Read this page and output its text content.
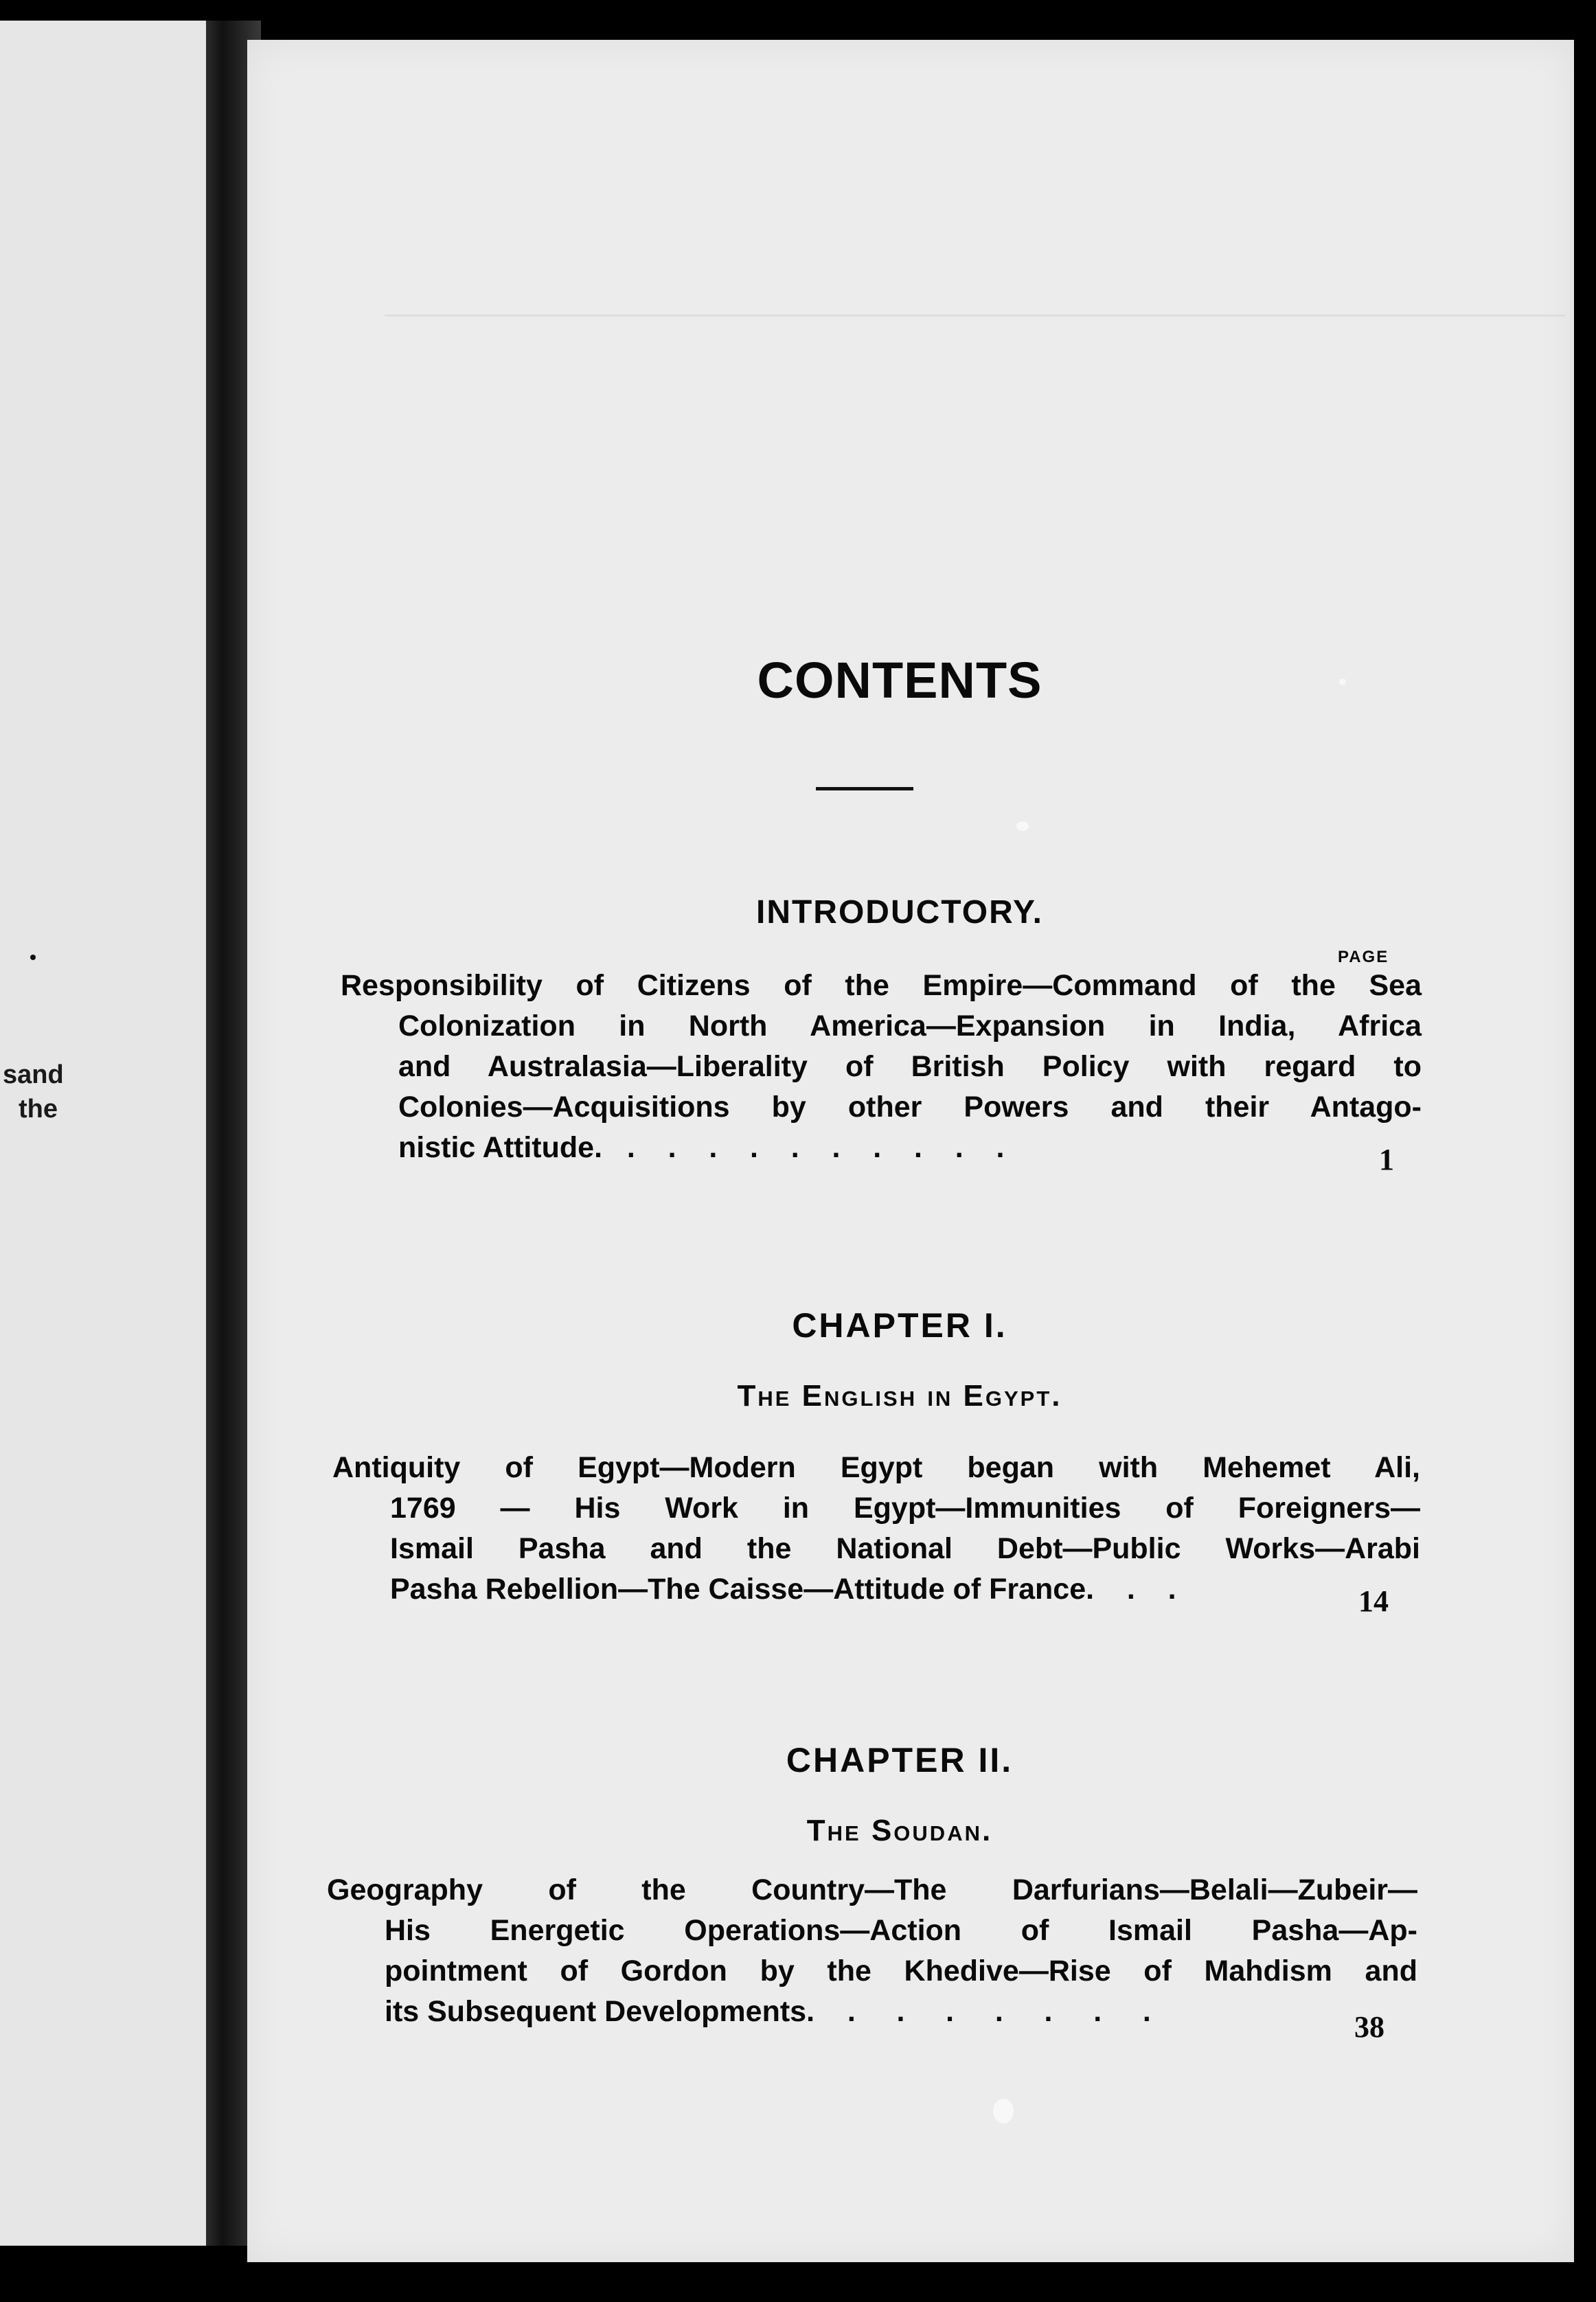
sand
the
CONTENTS
INTRODUCTORY.
PAGE
Responsibility of Citizens of the Empire—Command of the Sea
Colonization in North America—Expansion in India, Africa
and Australasia—Liberality of British Policy with regard to
Colonies—Acquisitions by other Powers and their Antago-
nistic Attitude.   .    .    .    .    .    .    .    .    .    .	1
CHAPTER I.
The English in Egypt.
Antiquity of Egypt—Modern Egypt began with Mehemet Ali,
1769 — His Work in Egypt—Immunities of Foreigners—
Ismail Pasha and the National Debt—Public Works—Arabi
Pasha Rebellion—The Caisse—Attitude of France.    .    .	14
CHAPTER II.
The Soudan.
Geography of the Country—The Darfurians—Belali—Zubeir—
His Energetic Operations—Action of Ismail Pasha—Ap-
pointment of Gordon by the Khedive—Rise of Mahdism and
its Subsequent Developments.    .     .     .     .     .     .     .	38
